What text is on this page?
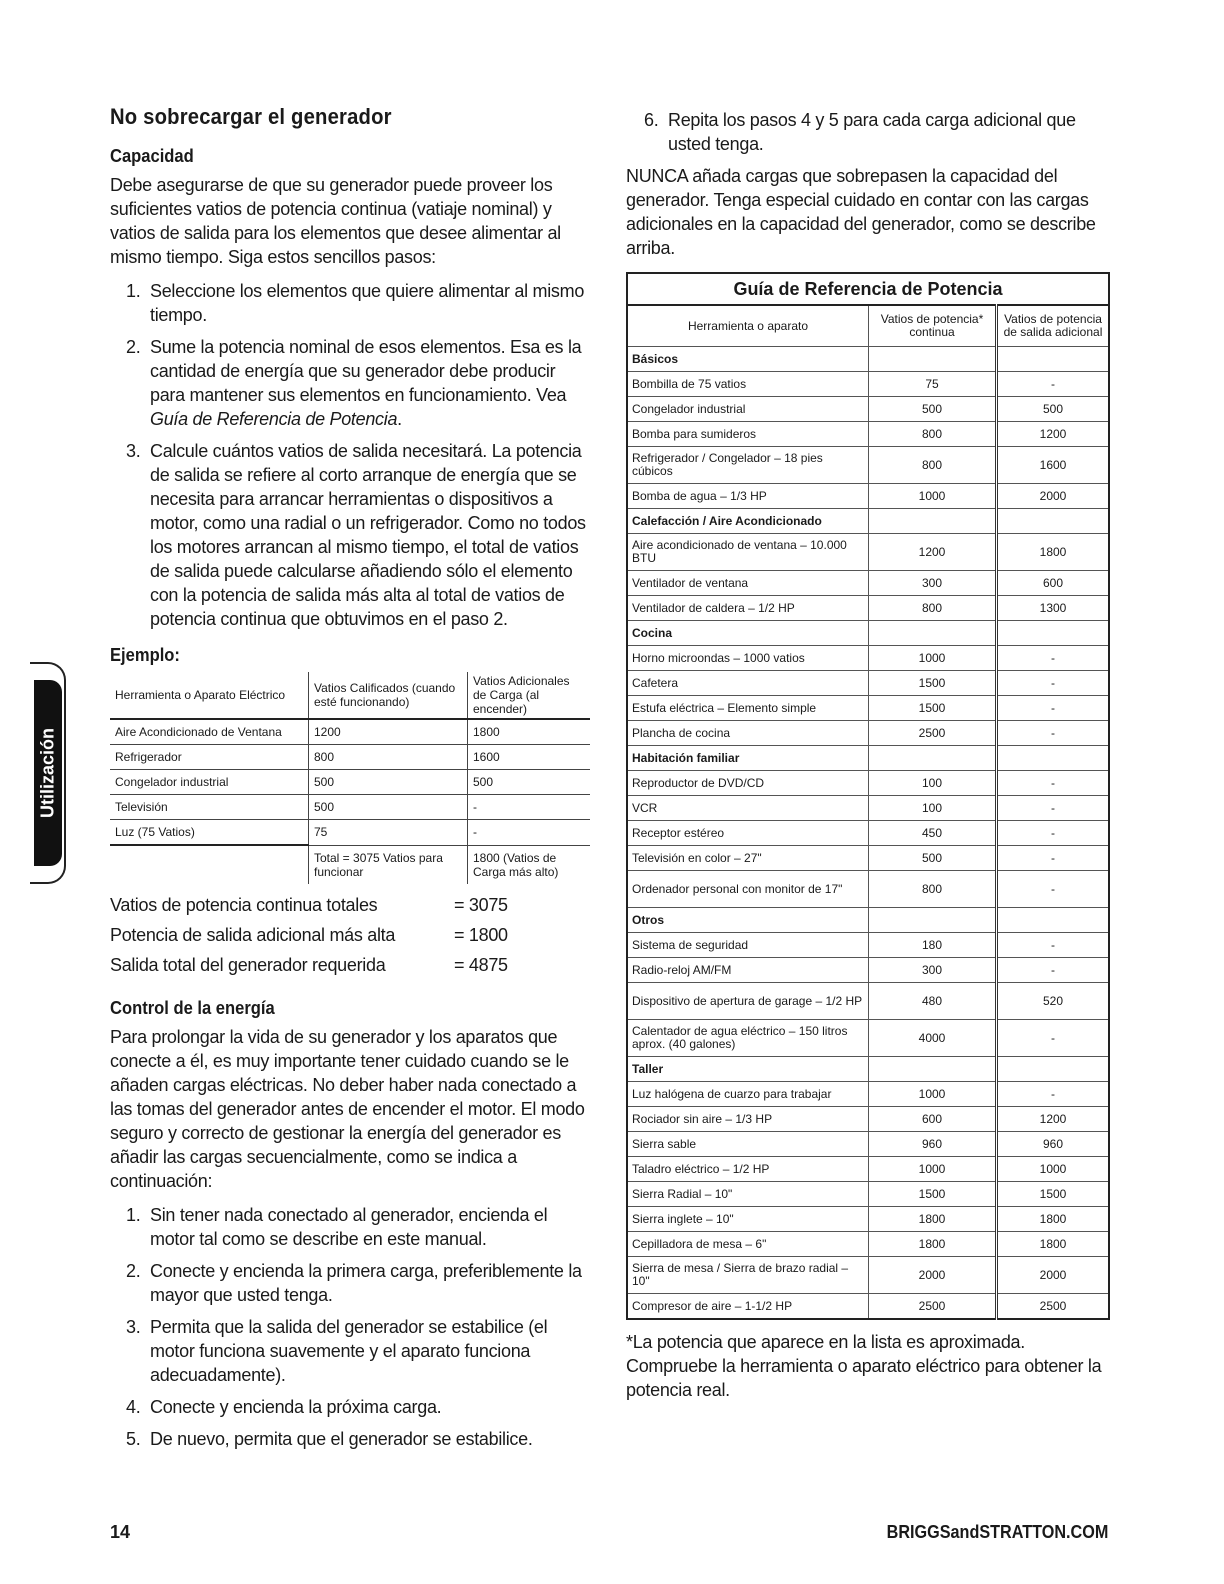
Utilización
No sobrecargar el generador
Capacidad

Debe asegurarse de que su generador puede proveer los suficientes vatios de potencia continua (vatiaje nominal) y vatios de salida para los elementos que desee alimentar al mismo tiempo. Siga estos sencillos pasos:

1. Seleccione los elementos que quiere alimentar al mismo tiempo.
2. Sume la potencia nominal de esos elementos. Esa es la cantidad de energía que su generador debe producir para mantener sus elementos en funcionamiento. Vea Guía de Referencia de Potencia.
3. Calcule cuántos vatios de salida necesitará. La potencia de salida se refiere al corto arranque de energía que se necesita para arrancar herramientas o dispositivos a motor, como una radial o un refrigerador. Como no todos los motores arrancan al mismo tiempo, el total de vatios de salida puede calcularse añadiendo sólo el elemento con la potencia de salida más alta al total de vatios de potencia continua que obtuvimos en el paso 2.
Ejemplo:
Herramienta o Aparato Eléctrico	Vatios Calificados (cuando esté funcionando)	Vatios Adicionales de Carga (al encender)
Aire Acondicionado de Ventana	1200	1800
Refrigerador	800	1600
Congelador industrial	500	500
Televisión	500	-
Luz (75 Vatios)	75	-
	Total = 3075 Vatios para funcionar	1800 (Vatios de Carga más alto)
Vatios de potencia continua totales	= 3075
Potencia de salida adicional más alta	= 1800
Salida total del generador requerida	= 4875
Control de la energía

Para prolongar la vida de su generador y los aparatos que conecte a él, es muy importante tener cuidado cuando se le añaden cargas eléctricas. No deber haber nada conectado a las tomas del generador antes de encender el motor. El modo seguro y correcto de gestionar la energía del generador es añadir las cargas secuencialmente, como se indica a continuación:

1. Sin tener nada conectado al generador, encienda el motor tal como se describe en este manual.
2. Conecte y encienda la primera carga, preferiblemente la mayor que usted tenga.
3. Permita que la salida del generador se estabilice (el motor funciona suavemente y el aparato funciona adecuadamente).
4. Conecte y encienda la próxima carga.
5. De nuevo, permita que el generador se estabilice.
6. Repita los pasos 4 y 5 para cada carga adicional que usted tenga.

NUNCA añada cargas que sobrepasen la capacidad del generador. Tenga especial cuidado en contar con las cargas adicionales en la capacidad del generador, como se describe arriba.

Guía de Referencia de Potencia		
Herramienta o aparato	Vatios de potencia* continua	Vatios de potencia de salida adicional
Básicos		
Bombilla de 75 vatios	75	-
Congelador industrial	500	500
Bomba para sumideros	800	1200
Refrigerador / Congelador – 18 pies cúbicos	800	1600
Bomba de agua – 1/3 HP	1000	2000
Calefacción / Aire Acondicionado		
Aire acondicionado de ventana – 10.000 BTU	1200	1800
Ventilador de ventana	300	600
Ventilador de caldera – 1/2 HP	800	1300
Cocina		
Horno microondas – 1000 vatios	1000	-
Cafetera	1500	-
Estufa eléctrica – Elemento simple	1500	-
Plancha de cocina	2500	-
Habitación familiar		
Reproductor de DVD/CD	100	-
VCR	100	-
Receptor estéreo	450	-
Televisión en color – 27"	500	-
Ordenador personal con monitor de 17"	800	-
Otros		
Sistema de seguridad	180	-
Radio-reloj AM/FM	300	-
Dispositivo de apertura de garage – 1/2 HP	480	520
Calentador de agua eléctrico – 150 litros aprox. (40 galones)	4000	-
Taller		
Luz halógena de cuarzo para trabajar	1000	-
Rociador sin aire – 1/3 HP	600	1200
Sierra sable	960	960
Taladro eléctrico – 1/2 HP	1000	1000
Sierra Radial – 10"	1500	1500
Sierra inglete – 10"	1800	1800
Cepilladora de mesa – 6"	1800	1800
Sierra de mesa / Sierra de brazo radial – 10"	2000	2000
Compresor de aire – 1-1/2 HP	2500	2500

*La potencia que aparece en la lista es aproximada. Compruebe la herramienta o aparato eléctrico para obtener la potencia real.

14	BRIGGSandSTRATTON.COM
